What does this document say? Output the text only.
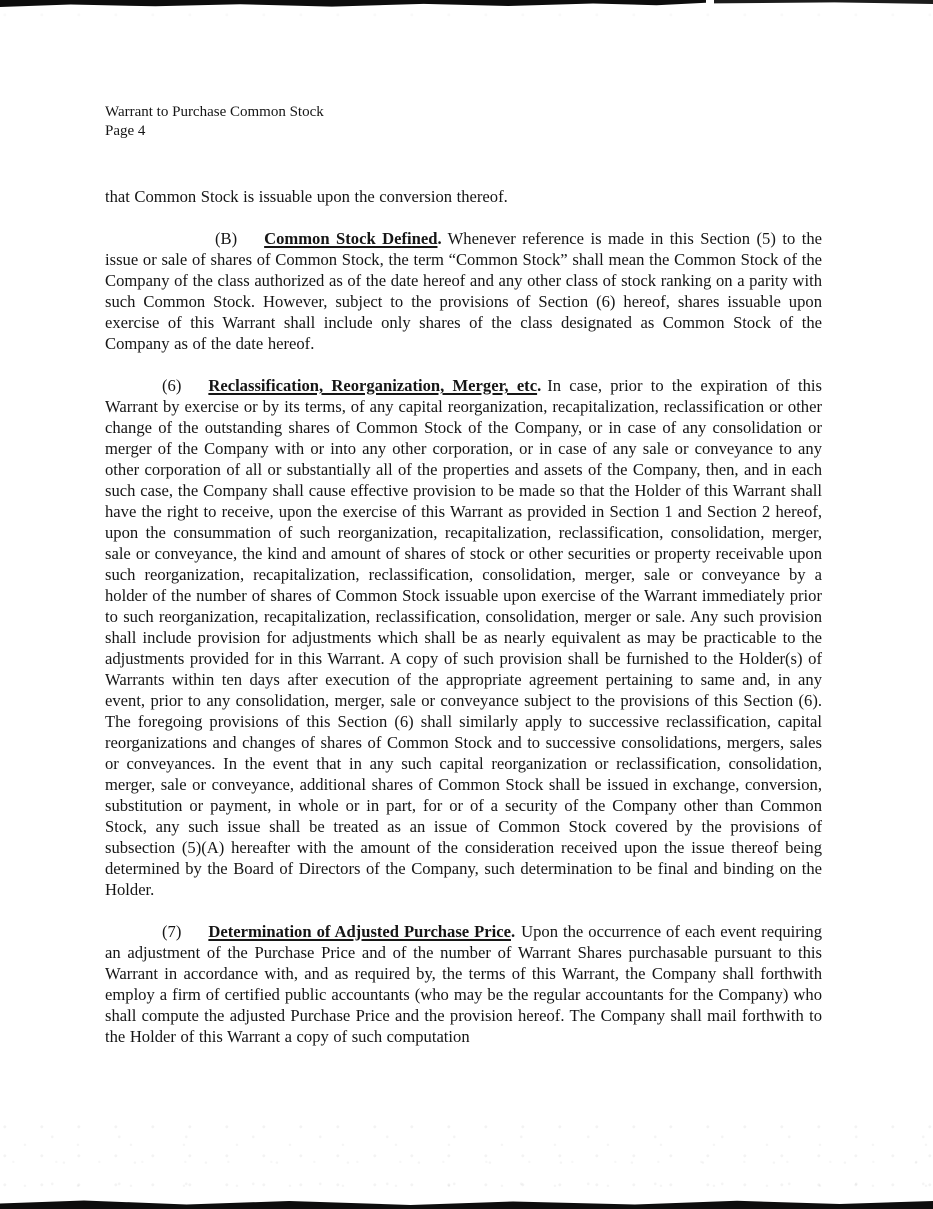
Warrant to Purchase Common Stock
Page 4

that Common Stock is issuable upon the conversion thereof.

(B) Common Stock Defined. Whenever reference is made in this Section (5) to the issue or sale of shares of Common Stock, the term “Common Stock” shall mean the Common Stock of the Company of the class authorized as of the date hereof and any other class of stock ranking on a parity with such Common Stock. However, subject to the provisions of Section (6) hereof, shares issuable upon exercise of this Warrant shall include only shares of the class designated as Common Stock of the Company as of the date hereof.

(6) Reclassification, Reorganization, Merger, etc. In case, prior to the expiration of this Warrant by exercise or by its terms, of any capital reorganization, recapitalization, reclassification or other change of the outstanding shares of Common Stock of the Company, or in case of any consolidation or merger of the Company with or into any other corporation, or in case of any sale or conveyance to any other corporation of all or substantially all of the properties and assets of the Company, then, and in each such case, the Company shall cause effective provision to be made so that the Holder of this Warrant shall have the right to receive, upon the exercise of this Warrant as provided in Section 1 and Section 2 hereof, upon the consummation of such reorganization, recapitalization, reclassification, consolidation, merger, sale or conveyance, the kind and amount of shares of stock or other securities or property receivable upon such reorganization, recapitalization, reclassification, consolidation, merger, sale or conveyance by a holder of the number of shares of Common Stock issuable upon exercise of the Warrant immediately prior to such reorganization, recapitalization, reclassification, consolidation, merger or sale. Any such provision shall include provision for adjustments which shall be as nearly equivalent as may be practicable to the adjustments provided for in this Warrant. A copy of such provision shall be furnished to the Holder(s) of Warrants within ten days after execution of the appropriate agreement pertaining to same and, in any event, prior to any consolidation, merger, sale or conveyance subject to the provisions of this Section (6). The foregoing provisions of this Section (6) shall similarly apply to successive reclassification, capital reorganizations and changes of shares of Common Stock and to successive consolidations, mergers, sales or conveyances. In the event that in any such capital reorganization or reclassification, consolidation, merger, sale or conveyance, additional shares of Common Stock shall be issued in exchange, conversion, substitution or payment, in whole or in part, for or of a security of the Company other than Common Stock, any such issue shall be treated as an issue of Common Stock covered by the provisions of subsection (5)(A) hereafter with the amount of the consideration received upon the issue thereof being determined by the Board of Directors of the Company, such determination to be final and binding on the Holder.

(7) Determination of Adjusted Purchase Price. Upon the occurrence of each event requiring an adjustment of the Purchase Price and of the number of Warrant Shares purchasable pursuant to this Warrant in accordance with, and as required by, the terms of this Warrant, the Company shall forthwith employ a firm of certified public accountants (who may be the regular accountants for the Company) who shall compute the adjusted Purchase Price and the provision hereof. The Company shall mail forthwith to the Holder of this Warrant a copy of such computation
